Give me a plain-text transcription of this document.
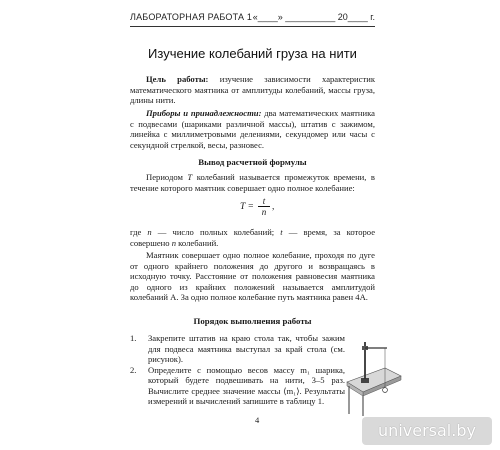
ЛАБОРАТОРНАЯ РАБОТА 1 «____» __________ 20____ г.
Изучение колебаний груза на нити
Цель работы: изучение зависимости характеристик математического маятника от амплитуды колебаний, массы груза, длины нити.
Приборы и принадлежности: два математических маятника с подвесами (шариками различной массы), штатив с зажимом, линейка с миллиметровыми делениями, секундомер или часы с секундной стрелкой, весы, разновес.
Вывод расчетной формулы
Периодом T колебаний называется промежуток времени, в течение которого маятник совершает одно полное колебание:
T =
t
n ,
где n — число полных колебаний; t — время, за которое совершено n колебаний.
Маятник совершает одно полное колебание, проходя по дуге от одного крайнего положения до другого и возвращаясь в исходную точку. Расстояние от положения равновесия маятника до одного из крайних положений называется амплитудой колебаний A. За одно полное колебание путь маятника равен 4A.
Порядок выполнения работы
1. Закрепите штатив на краю стола так, чтобы зажим для подвеса маятника выступал за край стола (см. рисунок).
2. Определите с помощью весов массу m₁ шарика, который будете подвешивать на нити, 3–5 раз. Вычислите среднее значение массы ⟨m₁⟩. Результаты измерений и вычислений запишите в таблицу 1.
4
universal.by
